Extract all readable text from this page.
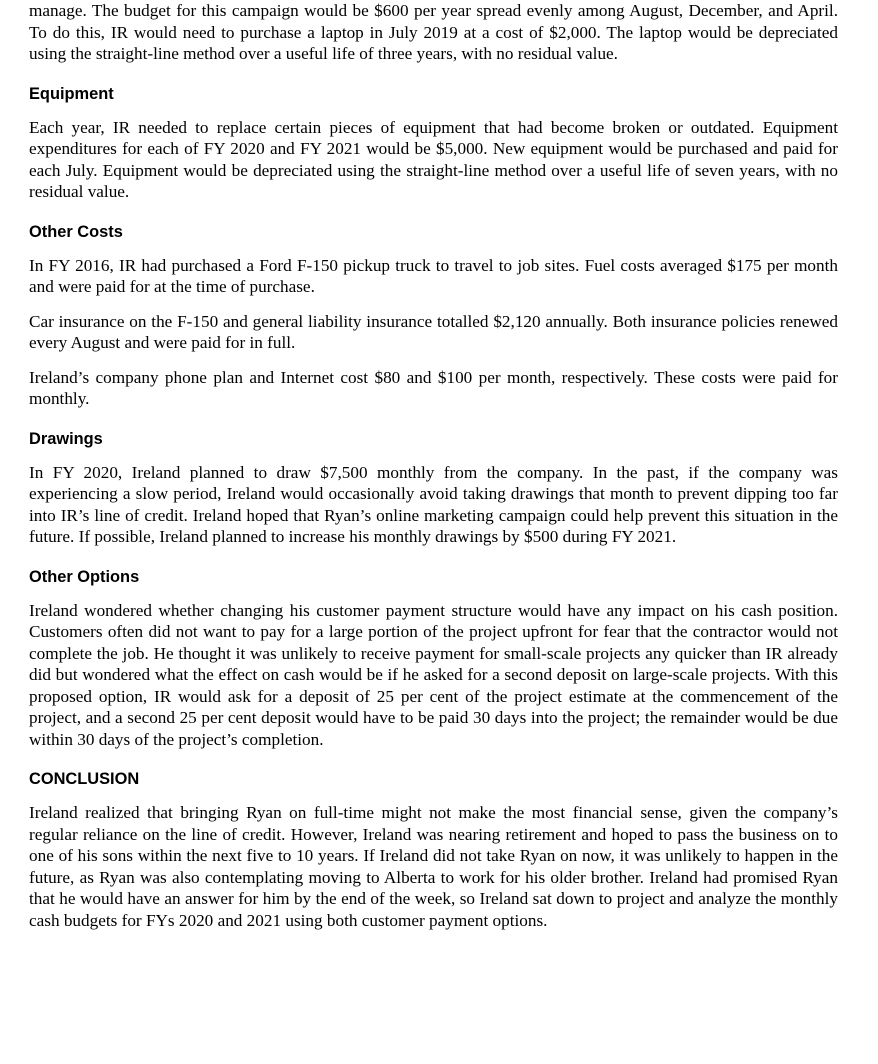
manage. The budget for this campaign would be $600 per year spread evenly among August, December, and April. To do this, IR would need to purchase a laptop in July 2019 at a cost of $2,000. The laptop would be depreciated using the straight-line method over a useful life of three years, with no residual value.

Equipment

Each year, IR needed to replace certain pieces of equipment that had become broken or outdated. Equipment expenditures for each of FY 2020 and FY 2021 would be $5,000. New equipment would be purchased and paid for each July. Equipment would be depreciated using the straight-line method over a useful life of seven years, with no residual value.

Other Costs

In FY 2016, IR had purchased a Ford F-150 pickup truck to travel to job sites. Fuel costs averaged $175 per month and were paid for at the time of purchase.

Car insurance on the F-150 and general liability insurance totalled $2,120 annually. Both insurance policies renewed every August and were paid for in full.

Ireland’s company phone plan and Internet cost $80 and $100 per month, respectively. These costs were paid for monthly.

Drawings

In FY 2020, Ireland planned to draw $7,500 monthly from the company. In the past, if the company was experiencing a slow period, Ireland would occasionally avoid taking drawings that month to prevent dipping too far into IR’s line of credit. Ireland hoped that Ryan’s online marketing campaign could help prevent this situation in the future. If possible, Ireland planned to increase his monthly drawings by $500 during FY 2021.

Other Options

Ireland wondered whether changing his customer payment structure would have any impact on his cash position. Customers often did not want to pay for a large portion of the project upfront for fear that the contractor would not complete the job. He thought it was unlikely to receive payment for small-scale projects any quicker than IR already did but wondered what the effect on cash would be if he asked for a second deposit on large-scale projects. With this proposed option, IR would ask for a deposit of 25 per cent of the project estimate at the commencement of the project, and a second 25 per cent deposit would have to be paid 30 days into the project; the remainder would be due within 30 days of the project’s completion.

CONCLUSION

Ireland realized that bringing Ryan on full-time might not make the most financial sense, given the company’s regular reliance on the line of credit. However, Ireland was nearing retirement and hoped to pass the business on to one of his sons within the next five to 10 years. If Ireland did not take Ryan on now, it was unlikely to happen in the future, as Ryan was also contemplating moving to Alberta to work for his older brother. Ireland had promised Ryan that he would have an answer for him by the end of the week, so Ireland sat down to project and analyze the monthly cash budgets for FYs 2020 and 2021 using both customer payment options.
